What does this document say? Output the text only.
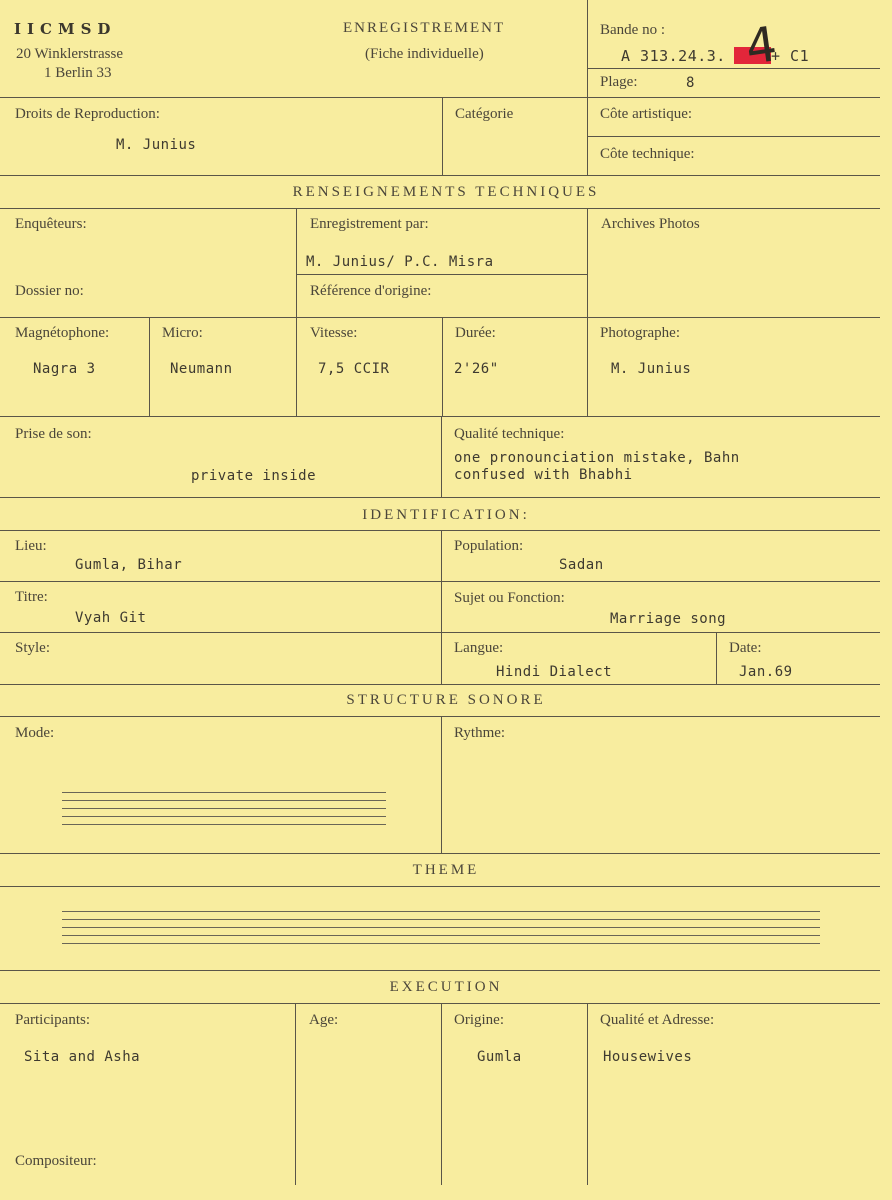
IICMSD
20 Winklerstrasse
1 Berlin 33
ENREGISTREMENT
(Fiche individuelle)
Bande no :
A 313.24.3. 4
+ C1
Plage:	8
Droits de Reproduction:
M. Junius
Catégorie	Côte artistique:
Côte technique:
RENSEIGNEMENTS TECHNIQUES
Enquêteurs:
Dossier no:
Enregistrement par:
M. Junius/ P.C. Misra
Référence d'origine:
Archives Photos
Magnétophone:
Nagra 3
Micro:
Neumann
Vitesse:
7,5 CCIR
Durée:
2'26"
Photographe:
M. Junius
Prise de son:
private inside
Qualité technique:
one pronounciation mistake, Bahn
confused with Bhabhi
IDENTIFICATION:
Lieu:
Gumla, Bihar
Population:
Sadan
Titre:
Vyah Git
Sujet ou Fonction:
Marriage song
Style:	Langue:
Hindi Dialect
Date:
Jan.69
STRUCTURE SONORE
Mode:	Rythme:
THEME
EXECUTION
Participants:
Sita and Asha
Age:	Origine:
Gumla
Qualité et Adresse:
Housewives
Compositeur:
